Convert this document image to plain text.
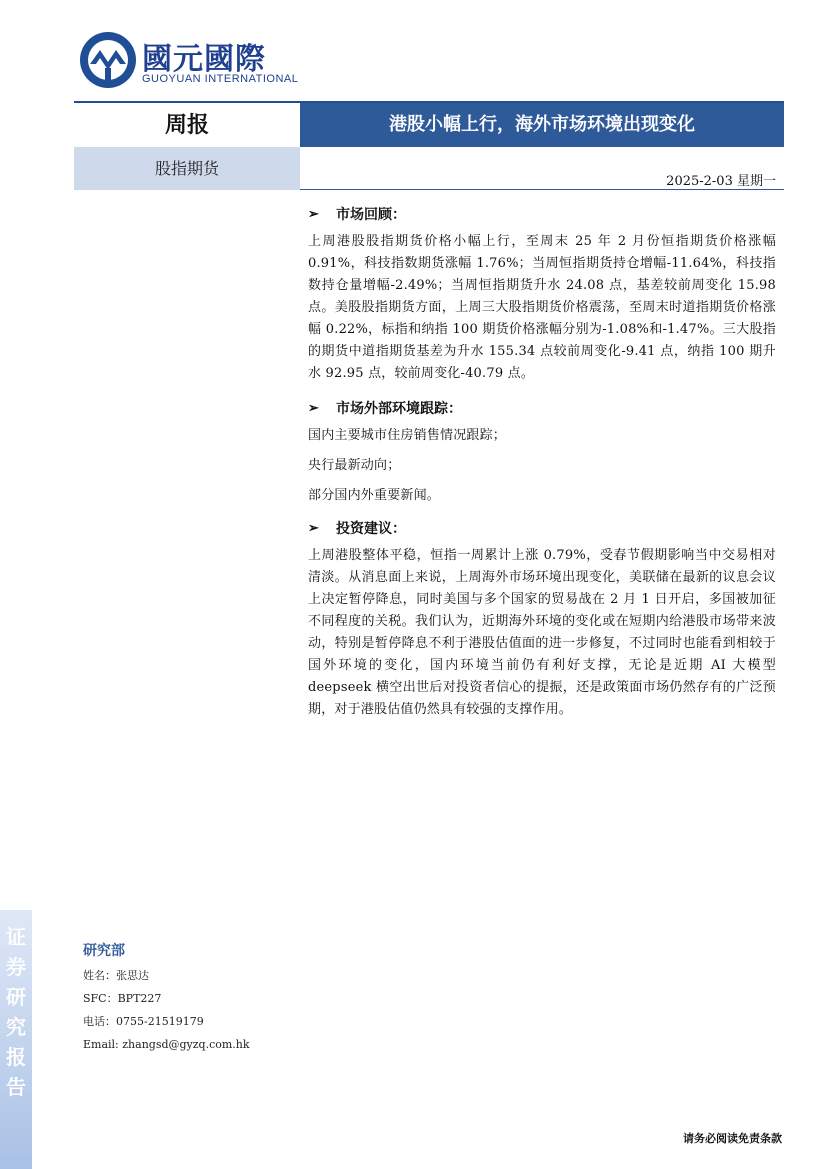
國元國際
GUOYUAN INTERNATIONAL
周报	港股小幅上行，海外市场环境出现变化
股指期货
2025-2-03 星期一
➢ 市场回顾：

上周港股股指期货价格小幅上行，至周末 25 年 2 月份恒指期货价格涨幅 0.91%，科技指数期货涨幅 1.76%；当周恒指期货持仓增幅-11.64%，科技指数持仓量增幅-2.49%；当周恒指期货升水 24.08 点，基差较前周变化 15.98 点。美股股指期货方面，上周三大股指期货价格震荡，至周末时道指期货价格涨幅 0.22%，标指和纳指 100 期货价格涨幅分别为-1.08%和-1.47%。三大股指的期货中道指期货基差为升水 155.34 点较前周变化-9.41 点，纳指 100 期升水 92.95 点，较前周变化-40.79 点。

➢ 市场外部环境跟踪：

国内主要城市住房销售情况跟踪；

央行最新动向；

部分国内外重要新闻。

➢ 投资建议：

上周港股整体平稳，恒指一周累计上涨 0.79%，受春节假期影响当中交易相对清淡。从消息面上来说，上周海外市场环境出现变化，美联储在最新的议息会议上决定暂停降息，同时美国与多个国家的贸易战在 2 月 1 日开启，多国被加征不同程度的关税。我们认为，近期海外环境的变化或在短期内给港股市场带来波动，特别是暂停降息不利于港股估值面的进一步修复，不过同时也能看到相较于国外环境的变化，国内环境当前仍有利好支撑，无论是近期 AI 大模型 deepseek 横空出世后对投资者信心的提振，还是政策面市场仍然存有的广泛预期，对于港股估值仍然具有较强的支撑作用。

证券研究报告
研究部
姓名：张思达
SFC：BPT227
电话：0755-21519179
Email: zhangsd@gyzq.com.hk
请务必阅读免责条款
